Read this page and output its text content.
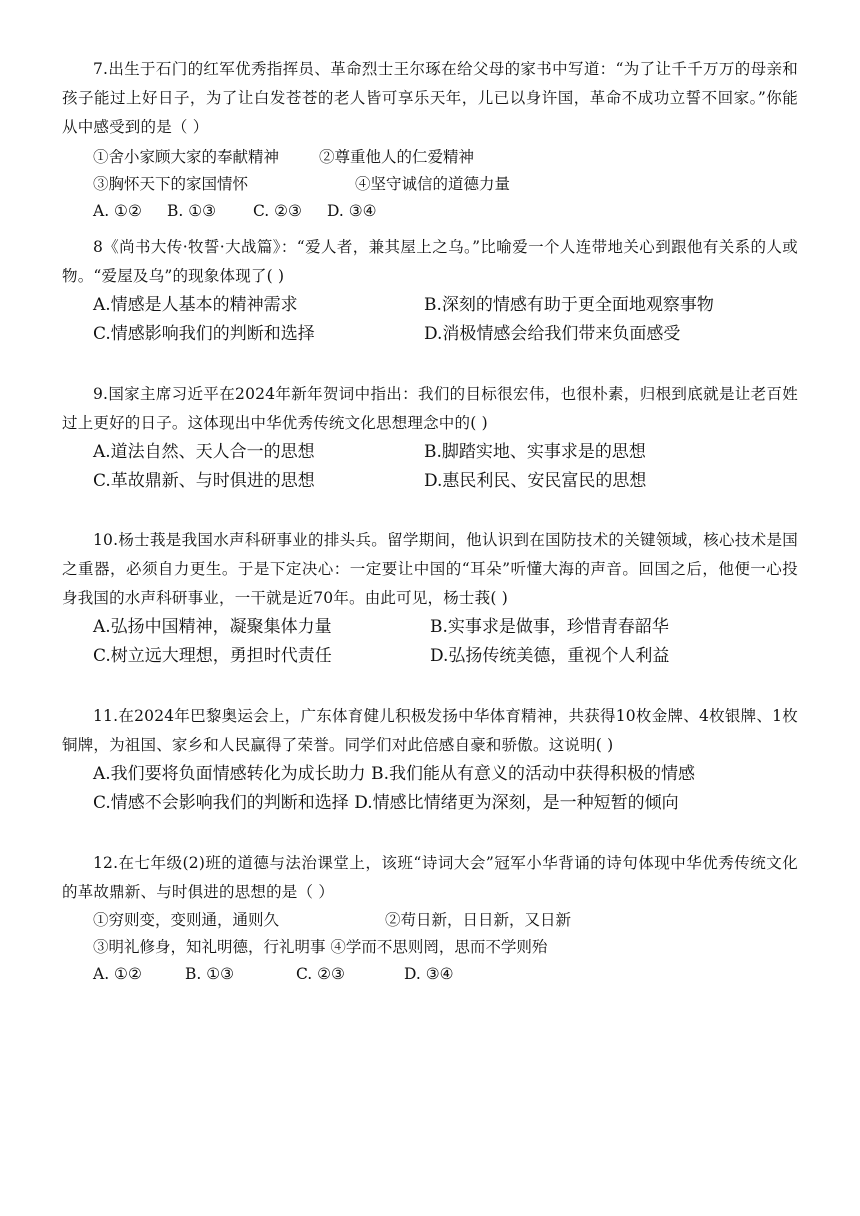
7.出生于石门的红军优秀指挥员、革命烈士王尔琢在给父母的家书中写道：“为了让千千万万的母亲和孩子能过上好日子，为了让白发苍苍的老人皆可享乐天年，儿已以身许国，革命不成功立誓不回家。”你能从中感受到的是（ ）

①舍小家顾大家的奉献精神	②尊重他人的仁爱精神
③胸怀天下的家国情怀	④坚守诚信的道德力量
A. ①② B. ①③ C. ②③ D. ③④

8《尚书大传·牧誓·大战篇》：“爱人者，兼其屋上之乌。”比喻爱一个人连带地关心到跟他有关系的人或物。“爱屋及乌”的现象体现了( )

A.情感是人基本的精神需求	B.深刻的情感有助于更全面地观察事物
C.情感影响我们的判断和选择	D.消极情感会给我们带来负面感受

9.国家主席习近平在2024年新年贺词中指出：我们的目标很宏伟，也很朴素，归根到底就是让老百姓过上更好的日子。这体现出中华优秀传统文化思想理念中的( )

A.道法自然、天人合一的思想	B.脚踏实地、实事求是的思想
C.革故鼎新、与时俱进的思想	D.惠民利民、安民富民的思想

10.杨士莪是我国水声科研事业的排头兵。留学期间，他认识到在国防技术的关键领域，核心技术是国之重器，必须自力更生。于是下定决心：一定要让中国的“耳朵”听懂大海的声音。回国之后，他便一心投身我国的水声科研事业，一干就是近70年。由此可见，杨士莪( )

A.弘扬中国精神，凝聚集体力量	B.实事求是做事，珍惜青春韶华
C.树立远大理想，勇担时代责任	D.弘扬传统美德，重视个人利益

11.在2024年巴黎奥运会上，广东体育健儿积极发扬中华体育精神，共获得10枚金牌、4枚银牌、1枚铜牌，为祖国、家乡和人民赢得了荣誉。同学们对此倍感自豪和骄傲。这说明( )

A.我们要将负面情感转化为成长助力 B.我们能从有意义的活动中获得积极的情感
C.情感不会影响我们的判断和选择 D.情感比情绪更为深刻，是一种短暂的倾向

12.在七年级(2)班的道德与法治课堂上，该班“诗词大会”冠军小华背诵的诗句体现中华优秀传统文化的革故鼎新、与时俱进的思想的是（ ）

①穷则变，变则通，通则久	②苟日新，日日新，又日新
③明礼修身，知礼明德，行礼明事 ④学而不思则罔，思而不学则殆
A. ①②	B. ①③	C. ②③	D. ③④
